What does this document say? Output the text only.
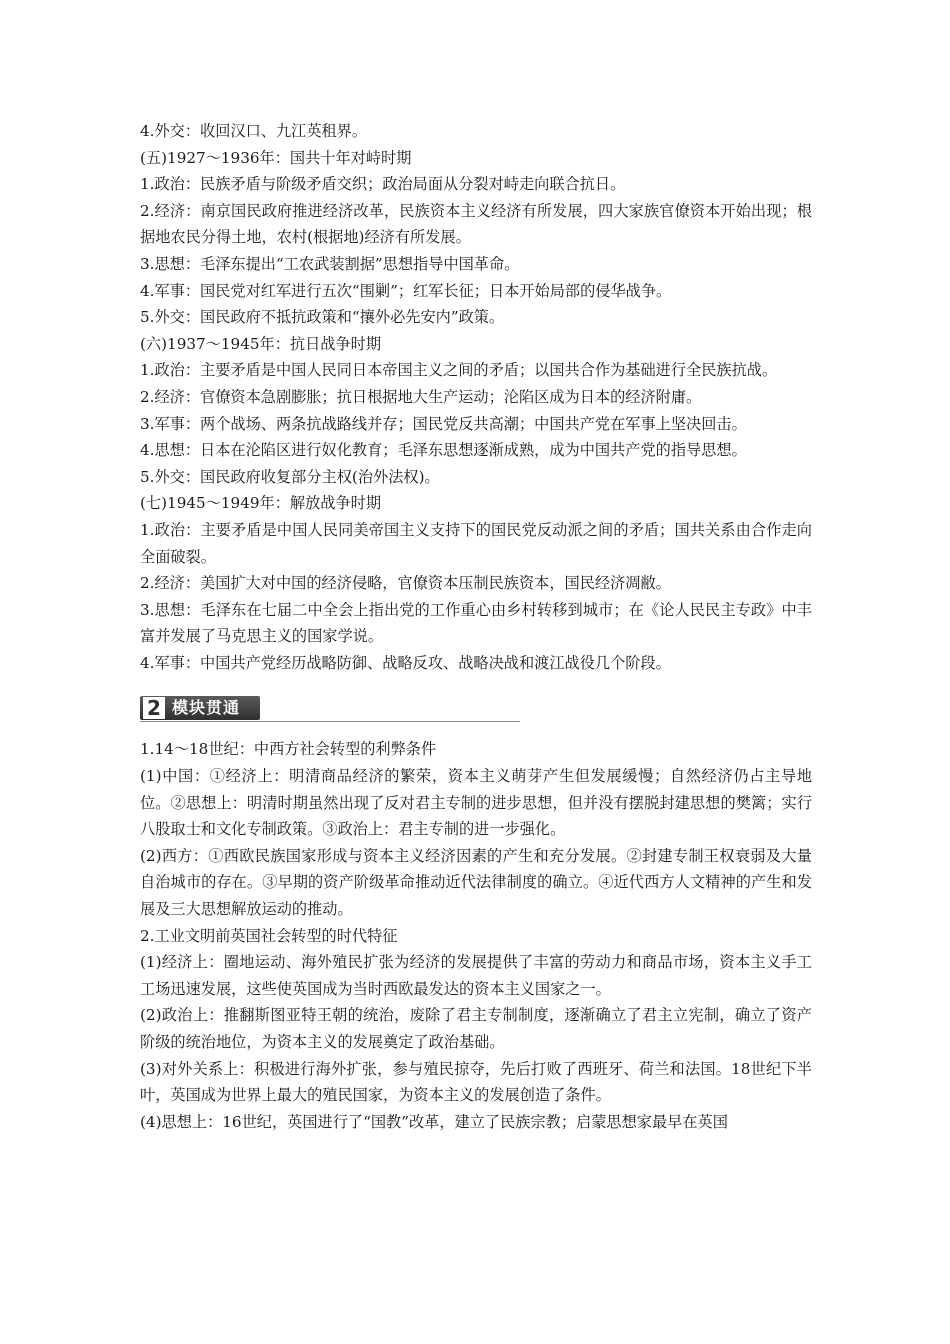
4.外交：收回汉口、九江英租界。

(五)1927～1936年：国共十年对峙时期

1.政治：民族矛盾与阶级矛盾交织；政治局面从分裂对峙走向联合抗日。

2.经济：南京国民政府推进经济改革，民族资本主义经济有所发展，四大家族官僚资本开始出现；根据地农民分得土地，农村(根据地)经济有所发展。

3.思想：毛泽东提出“工农武装割据”思想指导中国革命。

4.军事：国民党对红军进行五次“围剿”；红军长征；日本开始局部的侵华战争。

5.外交：国民政府不抵抗政策和“攘外必先安内”政策。

(六)1937～1945年：抗日战争时期

1.政治：主要矛盾是中国人民同日本帝国主义之间的矛盾；以国共合作为基础进行全民族抗战。

2.经济：官僚资本急剧膨胀；抗日根据地大生产运动；沦陷区成为日本的经济附庸。

3.军事：两个战场、两条抗战路线并存；国民党反共高潮；中国共产党在军事上坚决回击。

4.思想：日本在沦陷区进行奴化教育；毛泽东思想逐渐成熟，成为中国共产党的指导思想。

5.外交：国民政府收复部分主权(治外法权)。

(七)1945～1949年：解放战争时期

1.政治：主要矛盾是中国人民同美帝国主义支持下的国民党反动派之间的矛盾；国共关系由合作走向全面破裂。

2.经济：美国扩大对中国的经济侵略，官僚资本压制民族资本，国民经济凋敝。

3.思想：毛泽东在七届二中全会上指出党的工作重心由乡村转移到城市；在《论人民民主专政》中丰富并发展了马克思主义的国家学说。

4.军事：中国共产党经历战略防御、战略反攻、战略决战和渡江战役几个阶段。

2 模块贯通

1.14～18世纪：中西方社会转型的利弊条件

(1)中国：①经济上：明清商品经济的繁荣，资本主义萌芽产生但发展缓慢；自然经济仍占主导地位。②思想上：明清时期虽然出现了反对君主专制的进步思想，但并没有摆脱封建思想的樊篱；实行八股取士和文化专制政策。③政治上：君主专制的进一步强化。

(2)西方：①西欧民族国家形成与资本主义经济因素的产生和充分发展。②封建专制王权衰弱及大量自治城市的存在。③早期的资产阶级革命推动近代法律制度的确立。④近代西方人文精神的产生和发展及三大思想解放运动的推动。

2.工业文明前英国社会转型的时代特征

(1)经济上：圈地运动、海外殖民扩张为经济的发展提供了丰富的劳动力和商品市场，资本主义手工工场迅速发展，这些使英国成为当时西欧最发达的资本主义国家之一。

(2)政治上：推翻斯图亚特王朝的统治，废除了君主专制制度，逐渐确立了君主立宪制，确立了资产阶级的统治地位，为资本主义的发展奠定了政治基础。

(3)对外关系上：积极进行海外扩张，参与殖民掠夺，先后打败了西班牙、荷兰和法国。18世纪下半叶，英国成为世界上最大的殖民国家，为资本主义的发展创造了条件。

(4)思想上：16世纪，英国进行了“国教”改革，建立了民族宗教；启蒙思想家最早在英国
